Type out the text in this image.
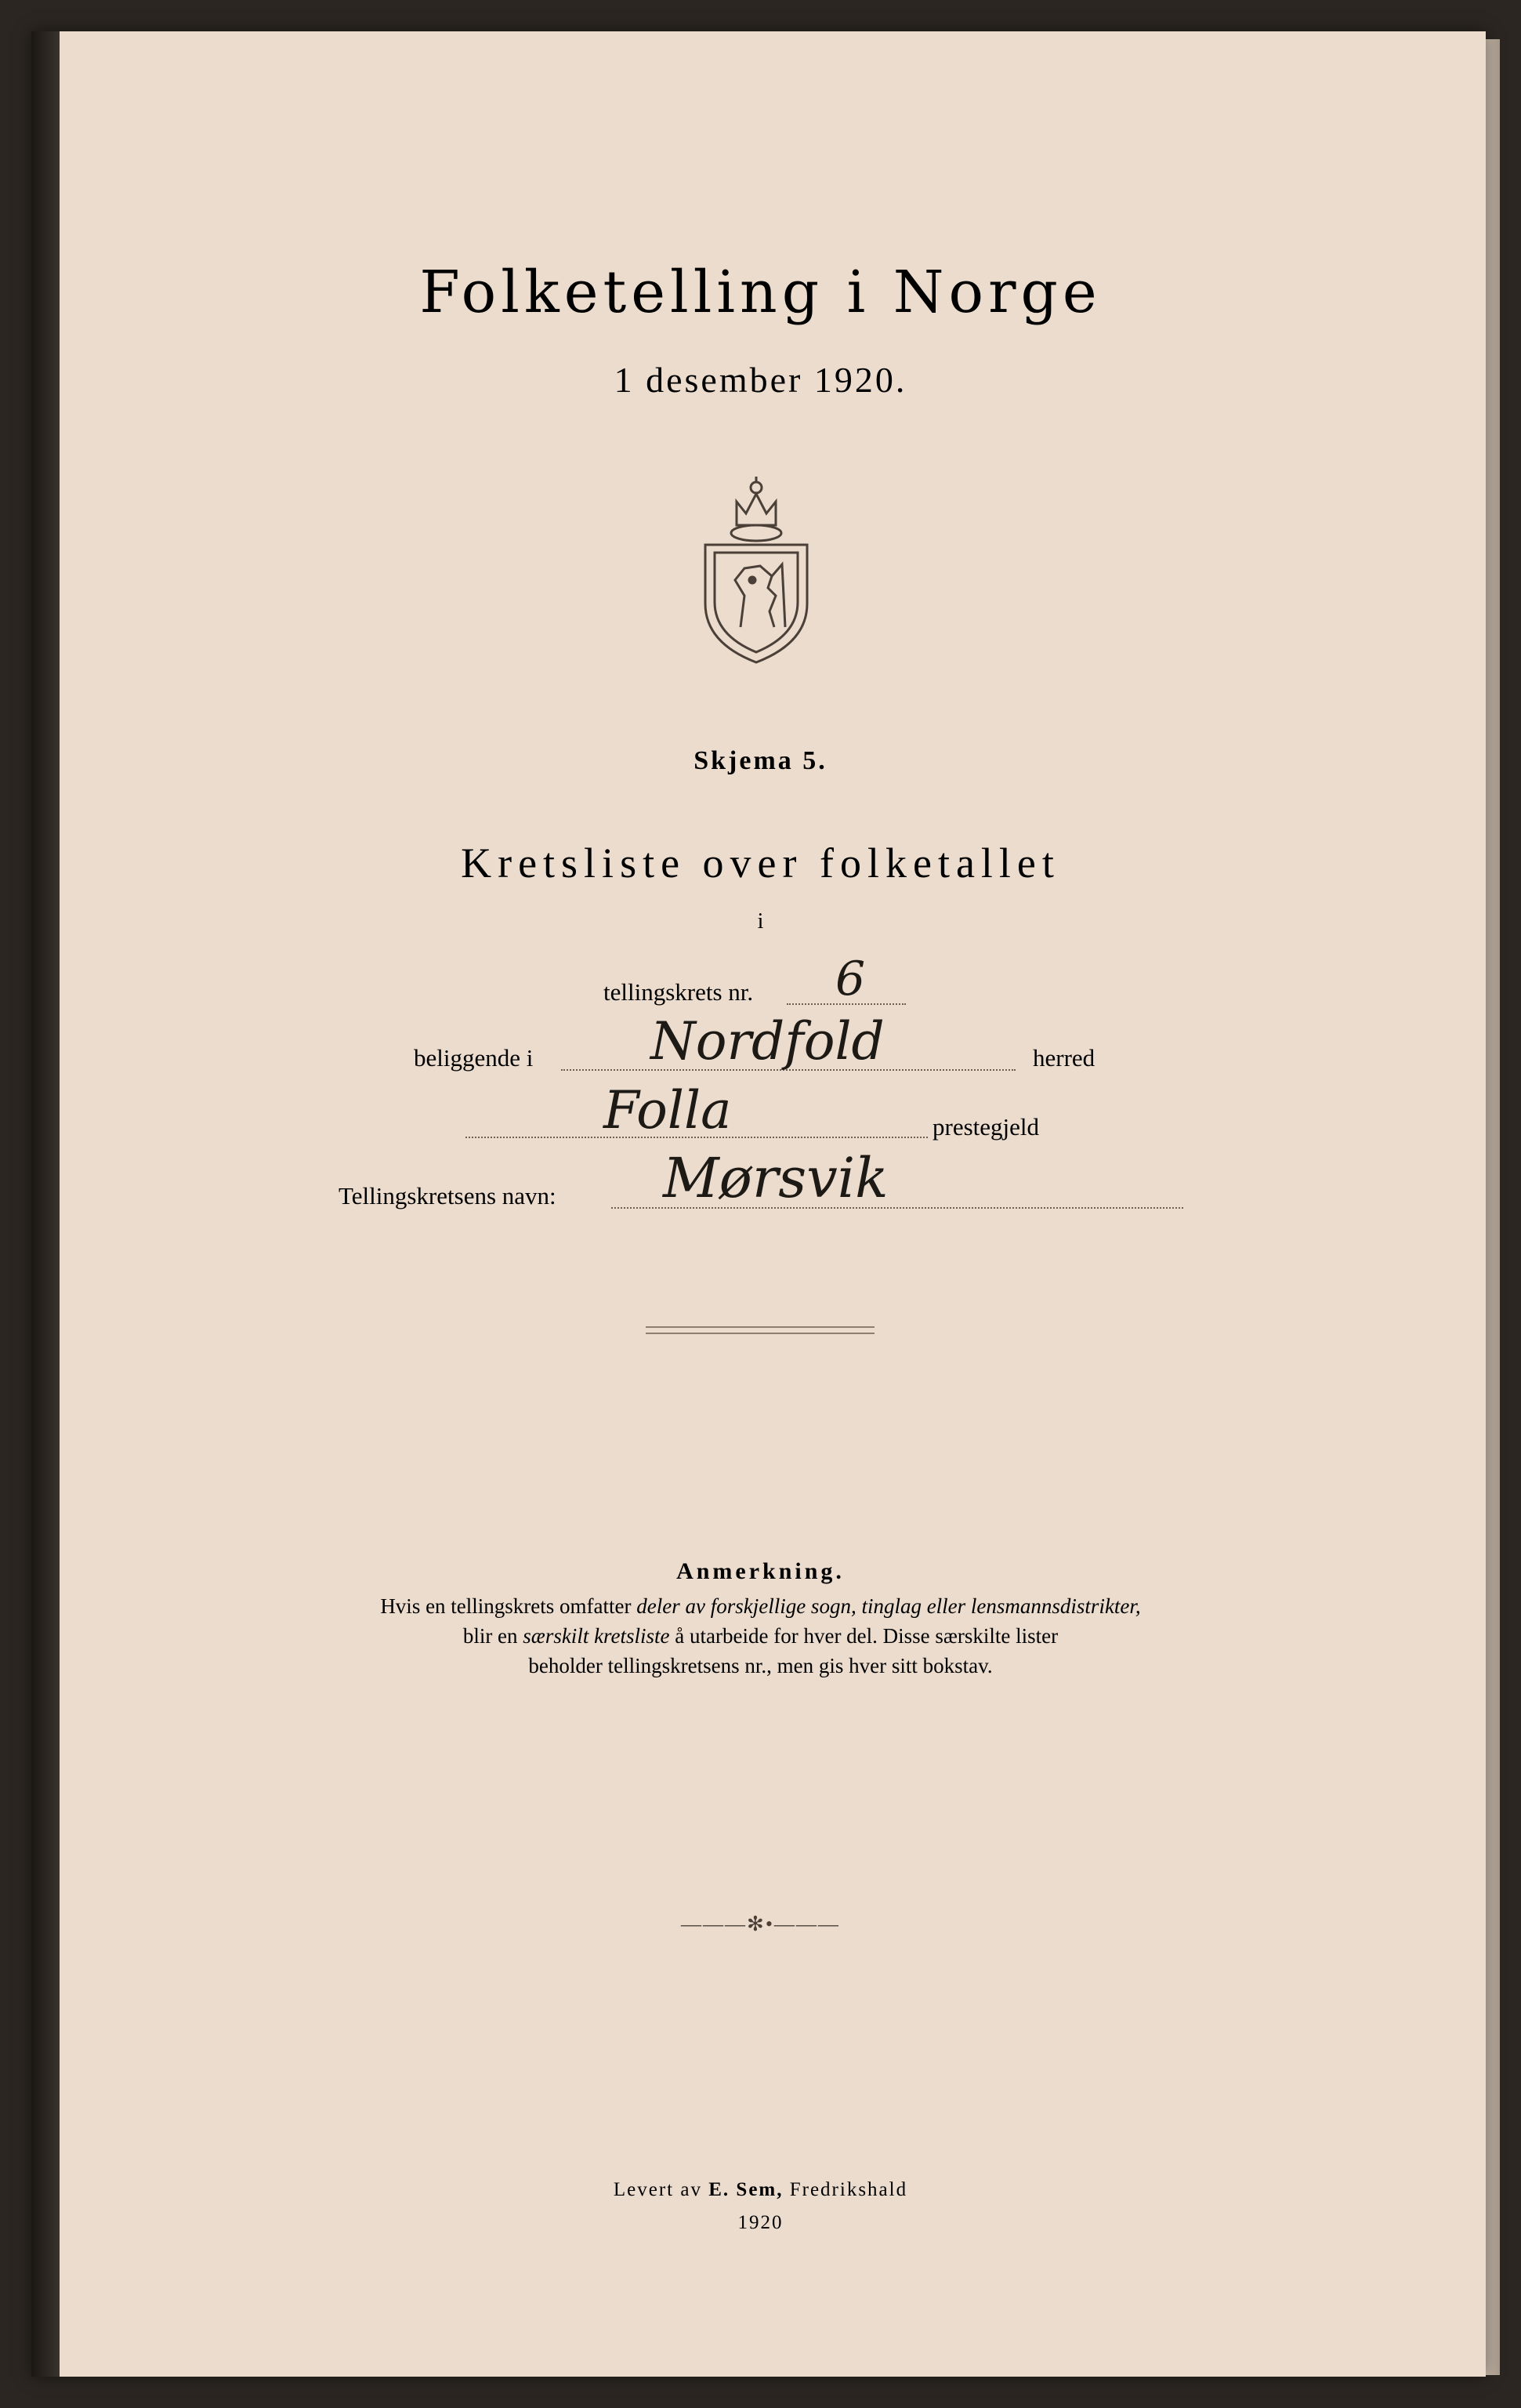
Folketelling i Norge
1 desember 1920.
Skjema 5.
Kretsliste over folketallet
i
tellingskrets nr. 6
beliggende i Nordfold	herred
Folla	prestegjeld
Tellingskretsens navn: Mørsvik
Anmerkning.
Hvis en tellingskrets omfatter deler av forskjellige sogn, tinglag eller lensmannsdistrikter,
blir en særskilt kretsliste å utarbeide for hver del. Disse særskilte lister
beholder tellingskretsens nr., men gis hver sitt bokstav.
———✻•———
Levert av E. Sem, Fredrikshald
1920
